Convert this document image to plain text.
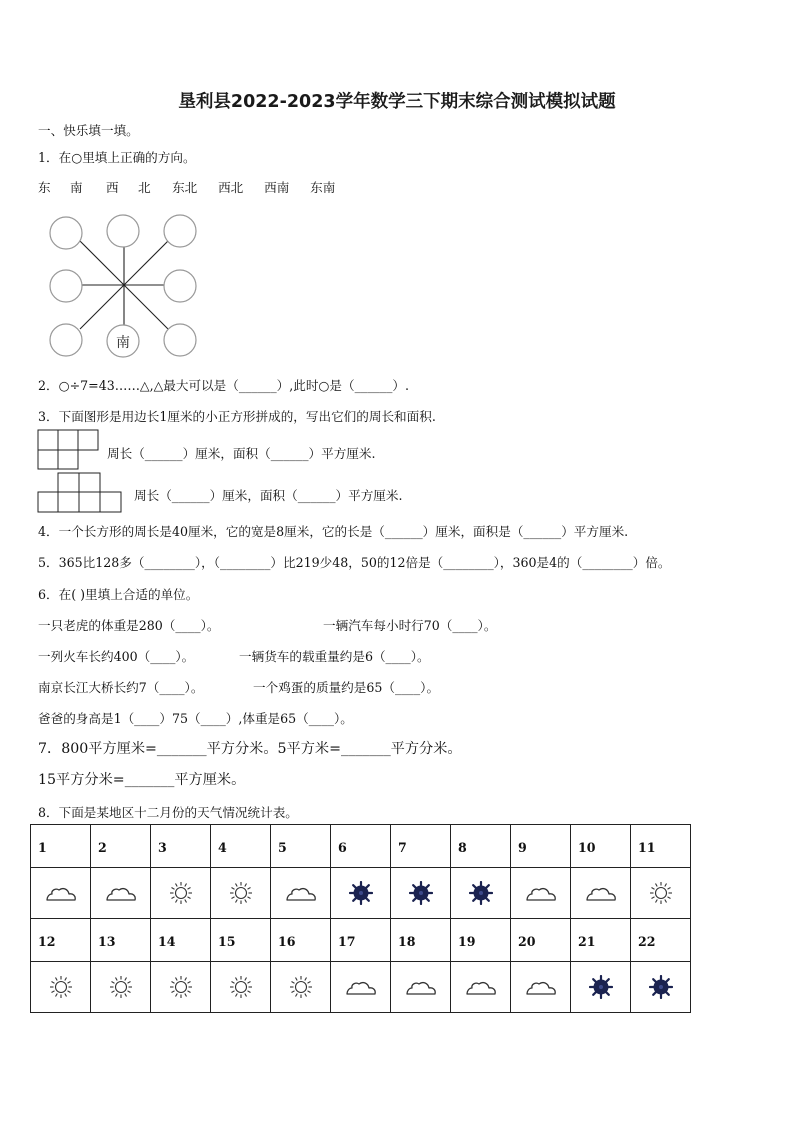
垦利县2022-2023学年数学三下期末综合测试模拟试题
一、快乐填一填。
1．在○里填上正确的方向。
东 南 西 北 东北 西北 西南 东南
南
2．○÷7=43……△,△最大可以是（______）,此时○是（______）.
3．下面图形是用边长1厘米的小正方形拼成的，写出它们的周长和面积.
周长（______）厘米，面积（______）平方厘米.
周长（______）厘米，面积（______）平方厘米.
4．一个长方形的周长是40厘米，它的宽是8厘米，它的长是（______）厘米，面积是（______）平方厘米.
5．365比128多（________），（________）比219少48，50的12倍是（________），360是4的（________）倍。
6．在( )里填上合适的单位。
一只老虎的体重是280（____）。	一辆汽车每小时行70（____）。
一列火车长约400（____）。	一辆货车的载重量约是6（____）。
南京长江大桥长约7（____）。	一个鸡蛋的质量约是65（____）。
爸爸的身高是1（____）75（____）,体重是65（____）。
7．800平方厘米=_______平方分米。5平方米=_______平方分米。
15平方分米=_______平方厘米。
8．下面是某地区十二月份的天气情况统计表。
1	2	3	4	5	6	7	8	9	10	11

12	13	14	15	16	17	18	19	20	21	22
